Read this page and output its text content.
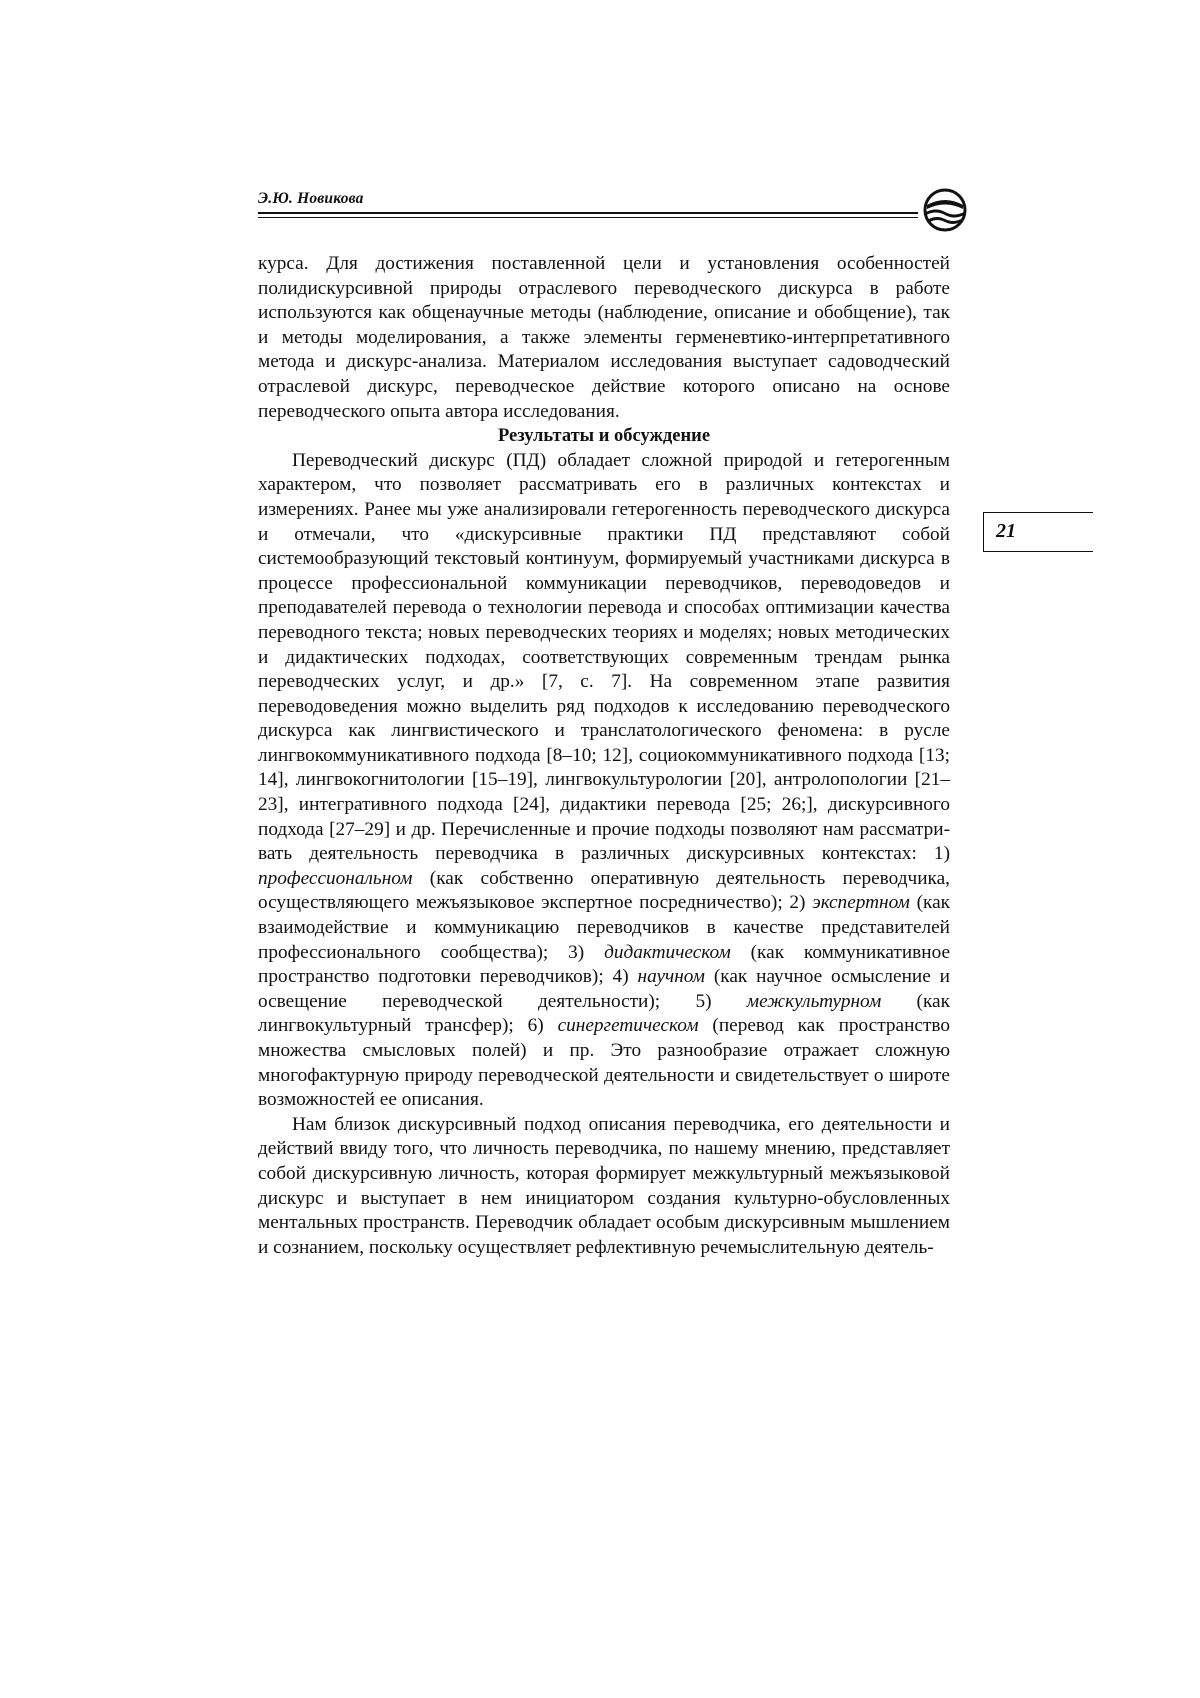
Э.Ю. Новикова
21

курса. Для достижения поставленной цели и установления особенностей полидискурсивной природы отраслевого переводческого дискурса в работе используются как общенаучные методы (наблюдение, описание и обобщение), так и методы моделирования, а также элементы герменевтико-интерпретативного метода и дискурс-анализа. Материалом исследования выступает садоводческий отраслевой дискурс, переводческое действие которого описано на основе переводческого опыта автора исследования.

Результаты и обсуждение

Переводческий дискурс (ПД) обладает сложной природой и гетерогенным характером, что позволяет рассматривать его в различных контекстах и измерениях. Ранее мы уже анализировали гетерогенность переводческого дискурса и отмечали, что «дискурсивные практики ПД представляют собой системообразующий текстовый континуум, формируемый участниками дискурса в процессе профессиональной коммуникации переводчиков, переводоведов и преподавателей перевода о технологии перевода и способах оптимизации качества переводного текста; новых переводческих теориях и моделях; новых методических и дидактических подходах, соответствующих современным трендам рынка переводческих услуг, и др.» [7, с. 7]. На современном этапе развития переводоведения можно выделить ряд подходов к исследованию переводческого дискурса как лингвистического и транслатологического феномена: в русле лингвокоммуникативного подхода [8–10; 12], социокоммуникативного подхода [13; 14], лингвокогнитологии [15–19], лингвокультурологии [20], антролопологии [21–23], интегративного подхода [24], дидактики перевода [25; 26;], дискурсивного подхода [27–29] и др. Перечисленные и прочие подходы позволяют нам рассматривать деятельность переводчика в различных дискурсивных контекстах: 1) профессиональном (как собственно оперативную деятельность переводчика, осуществляющего межъязыковое экспертное посредничество); 2) экспертном (как взаимодействие и коммуникацию переводчиков в качестве представителей профессионального сообщества); 3) дидактическом (как коммуникативное пространство подготовки переводчиков); 4) научном (как научное осмысление и освещение переводческой деятельности); 5) межкультурном (как лингвокультурный трансфер); 6) синергетическом (перевод как пространство множества смысловых полей) и пр. Это разнообразие отражает сложную многофактурную природу переводческой деятельности и свидетельствует о широте возможностей ее описания.

Нам близок дискурсивный подход описания переводчика, его деятельности и действий ввиду того, что личность переводчика, по нашему мнению, представляет собой дискурсивную личность, которая формирует межкультурный межъязыковой дискурс и выступает в нем инициатором создания культурно-обусловленных ментальных пространств. Переводчик обладает особым дискурсивным мышлением и сознанием, поскольку осуществляет рефлективную речемыслительную деятель-
